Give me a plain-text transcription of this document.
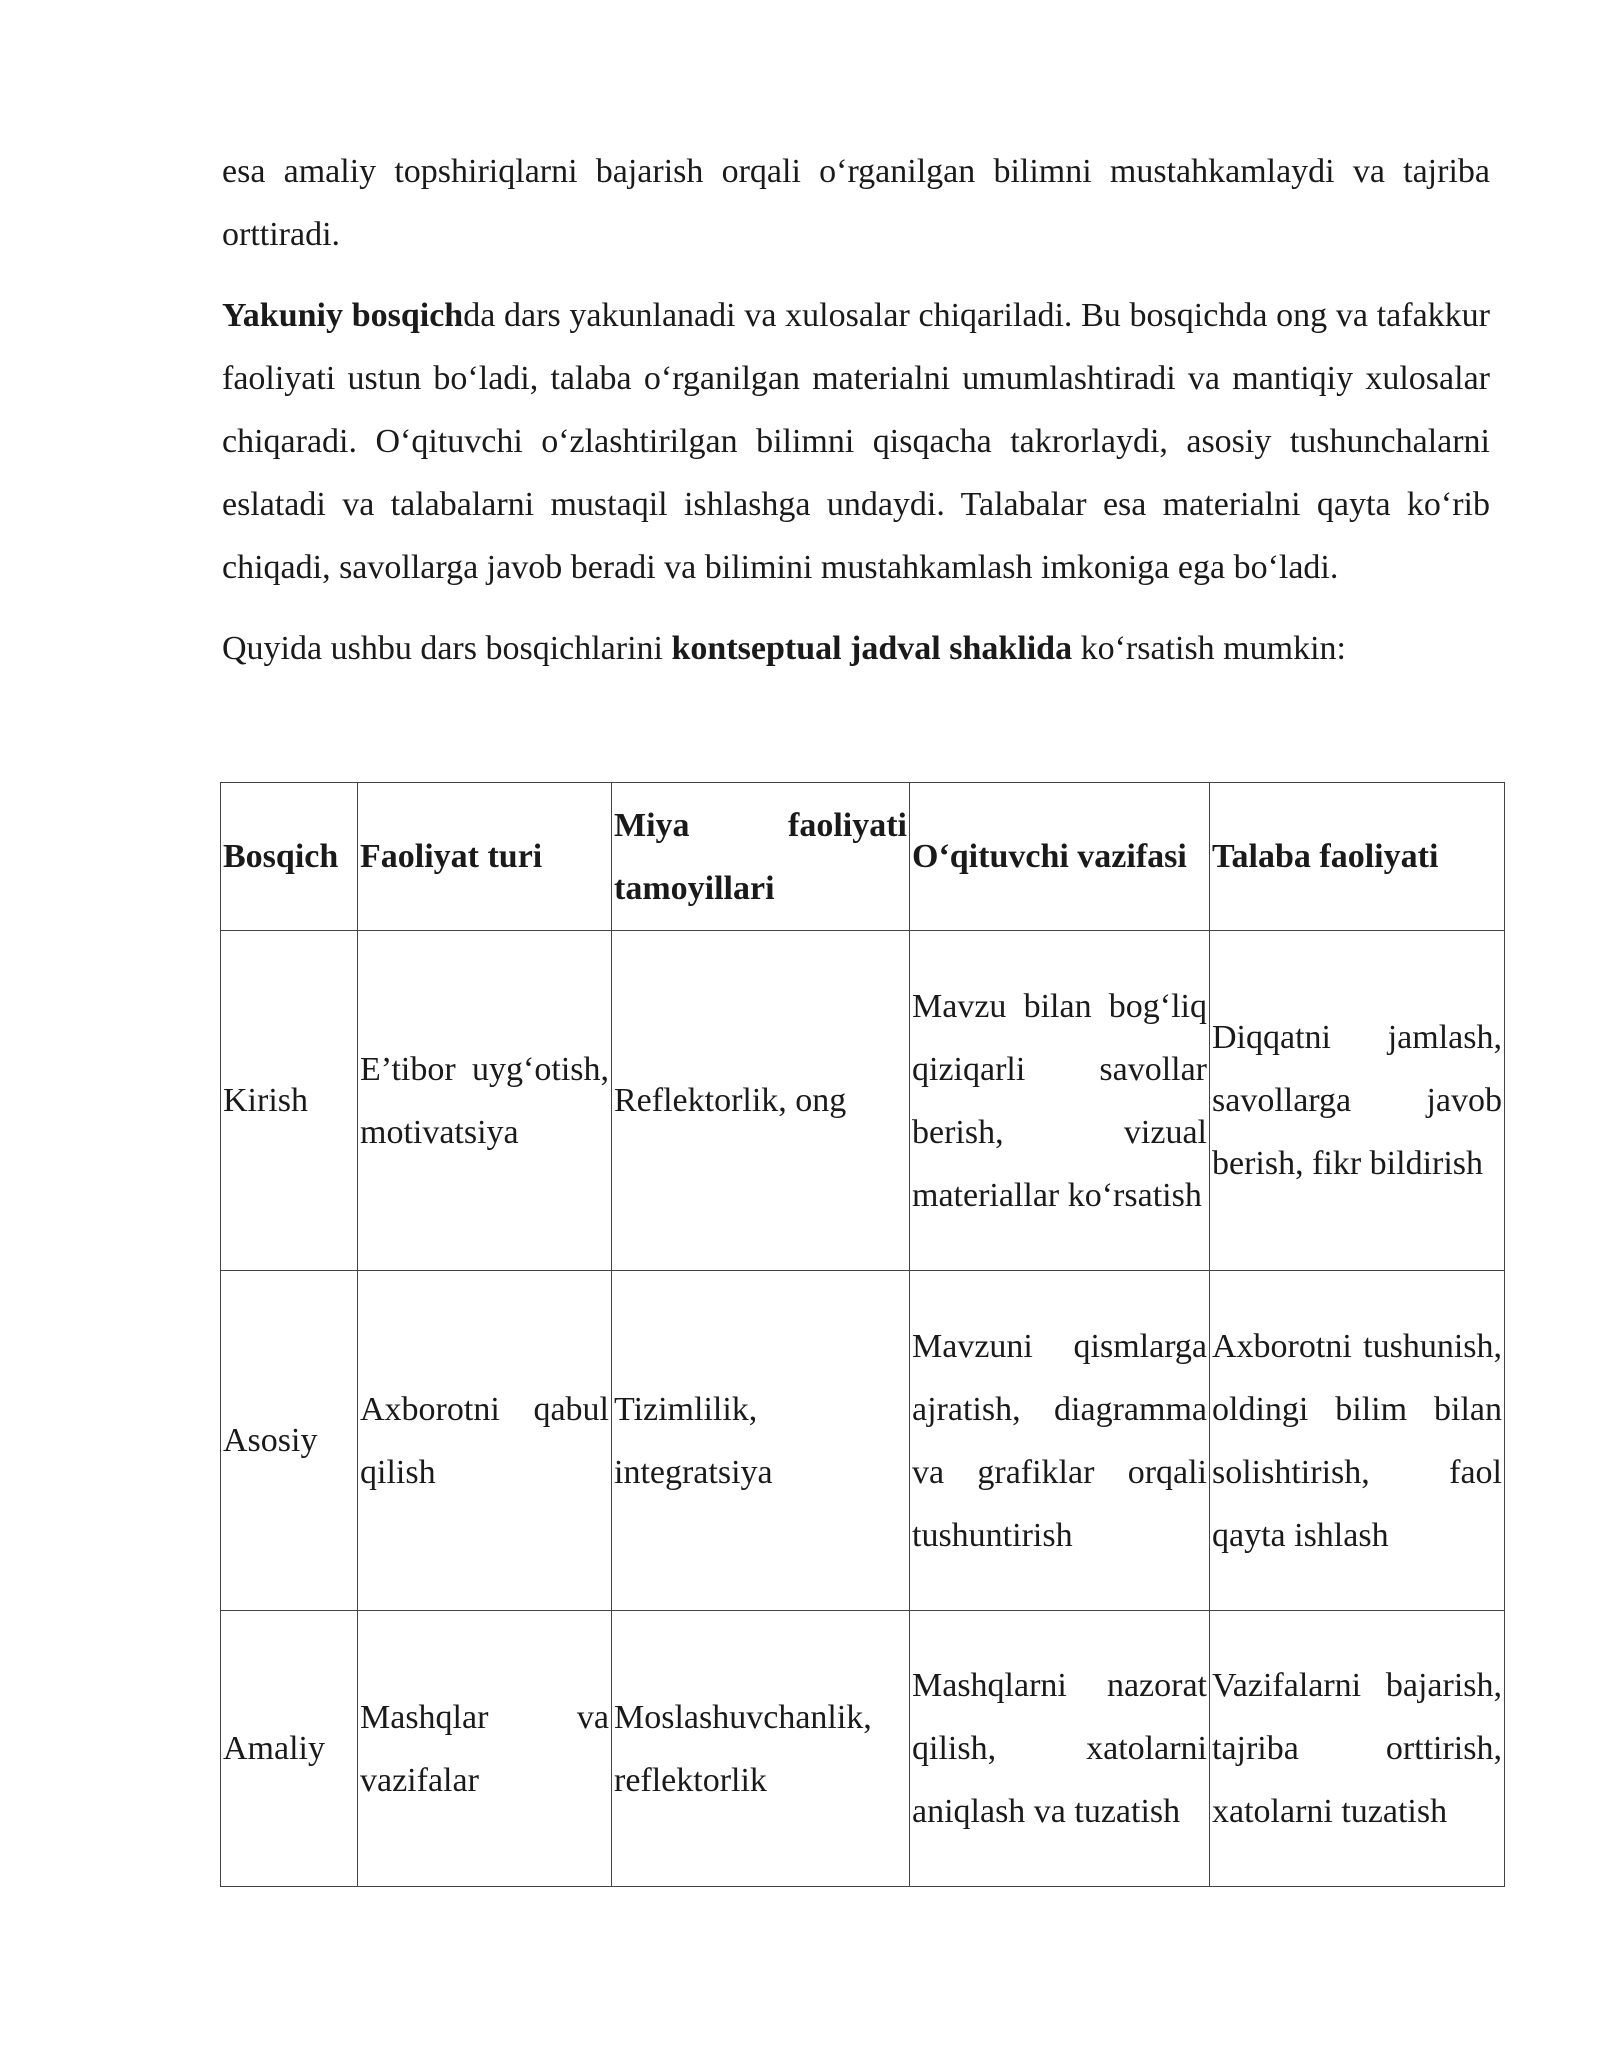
esa amaliy topshiriqlarni bajarish orqali o‘rganilgan bilimni mustahkamlaydi va tajriba orttiradi.

Yakuniy bosqichda dars yakunlanadi va xulosalar chiqariladi. Bu bosqichda ong va tafakkur faoliyati ustun bo‘ladi, talaba o‘rganilgan materialni umumlashtiradi va mantiqiy xulosalar chiqaradi. O‘qituvchi o‘zlashtirilgan bilimni qisqacha takrorlaydi, asosiy tushunchalarni eslatadi va talabalarni mustaqil ishlashga undaydi. Talabalar esa materialni qayta ko‘rib chiqadi, savollarga javob beradi va bilimini mustahkamlash imkoniga ega bo‘ladi.

Quyida ushbu dars bosqichlarini kontseptual jadval shaklida ko‘rsatish mumkin:

Bosqich	Faoliyat turi	Miya faoliyati tamoyillari	O‘qituvchi vazifasi	Talaba faoliyati
Kirish	E’tibor uyg‘otish, motivatsiya	Reflektorlik, ong	Mavzu bilan bog‘liq qiziqarli savollar berish, vizual materiallar ko‘rsatish	Diqqatni jamlash, savollarga javob berish, fikr bildirish
Asosiy	Axborotni qabul qilish	Tizimlilik, integratsiya	Mavzuni qismlarga ajratish, diagramma va grafiklar orqali tushuntirish	Axborotni tushunish, oldingi bilim bilan solishtirish, faol qayta ishlash
Amaliy	Mashqlar va vazifalar	Moslashuvchanlik, reflektorlik	Mashqlarni nazorat qilish, xatolarni aniqlash va tuzatish	Vazifalarni bajarish, tajriba orttirish, xatolarni tuzatish
